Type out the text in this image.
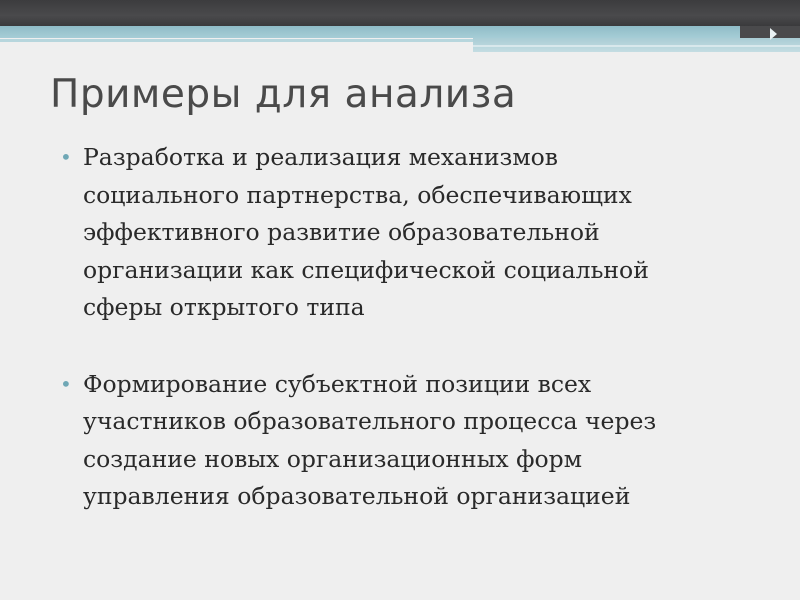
Примеры для анализа
• Разработка и реализация механизмов
социального партнерства, обеспечивающих
эффективного развитие образовательной
организации как специфической социальной
сферы открытого типа
• Формирование субъектной позиции всех
участников образовательного процесса через
создание новых организационных форм
управления образовательной организацией
